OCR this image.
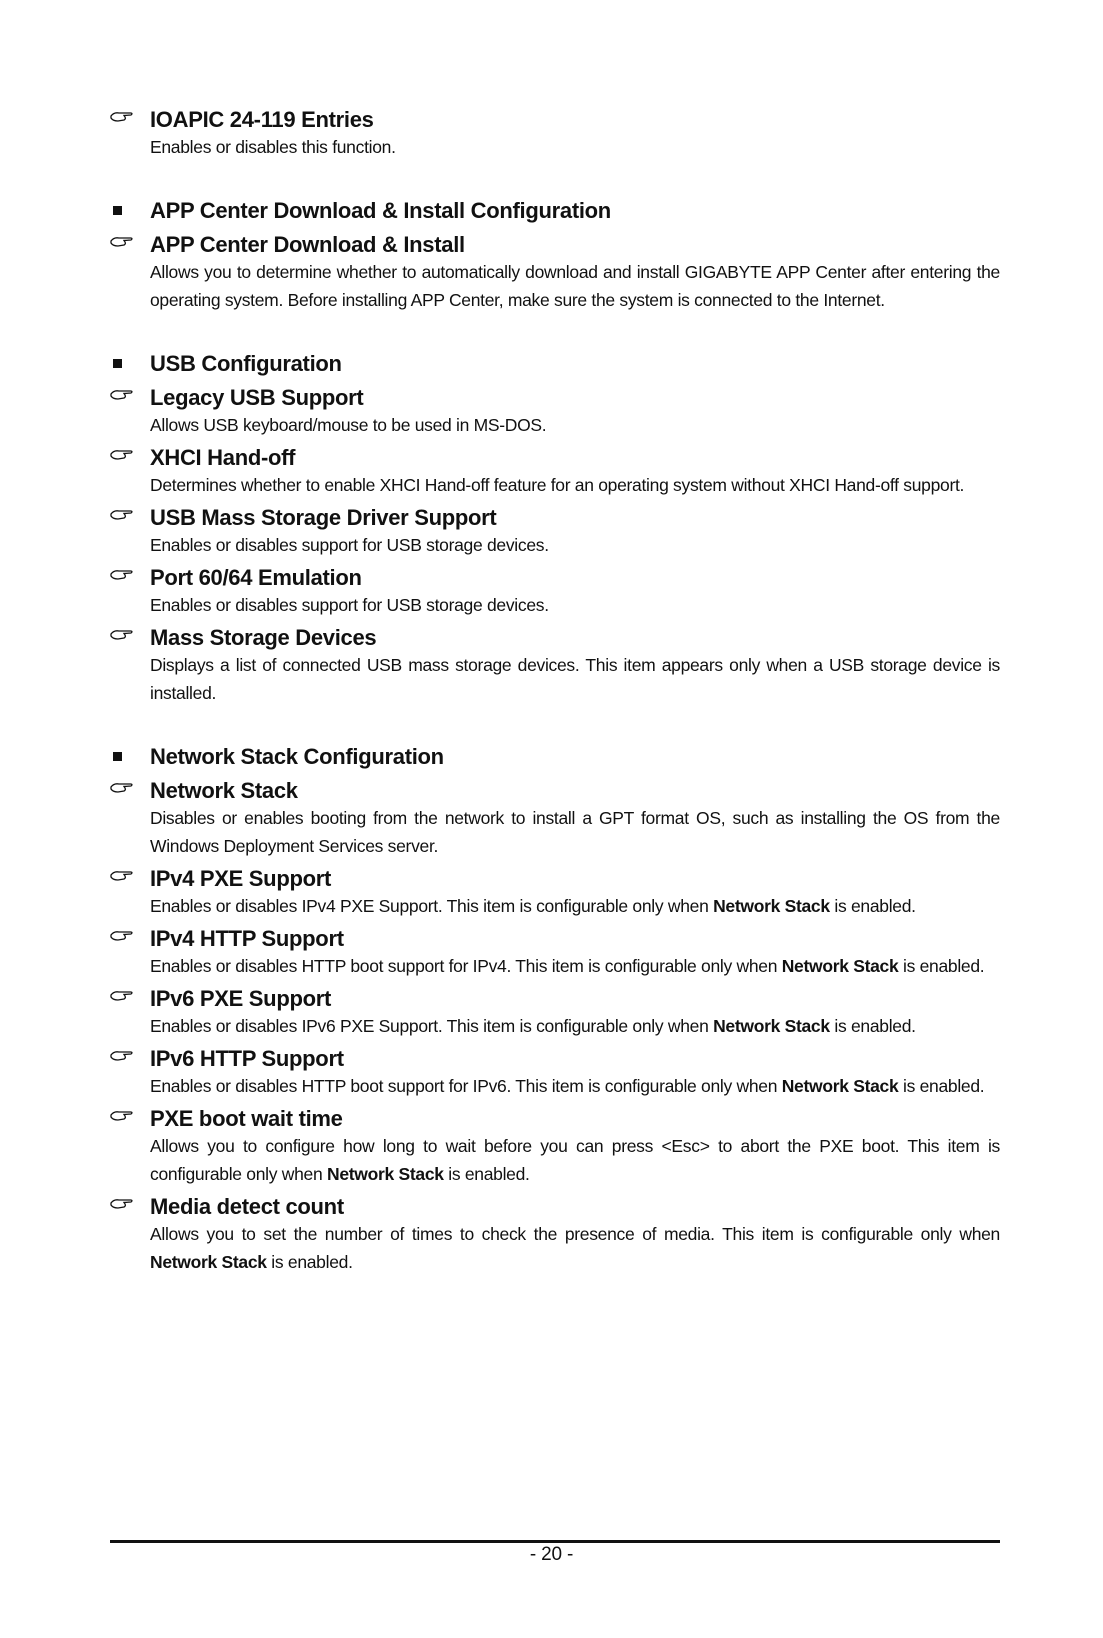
IOAPIC 24-119 Entries
Enables or disables this function.
APP Center Download & Install Configuration
APP Center Download & Install
Allows you to determine whether to automatically download and install GIGABYTE APP Center after entering the operating system. Before installing APP Center, make sure the system is connected to the Internet.
USB Configuration
Legacy USB Support
Allows USB keyboard/mouse to be used in MS-DOS.
XHCI Hand-off
Determines whether to enable XHCI Hand-off feature for an operating system without XHCI Hand-off support.
USB Mass Storage Driver Support
Enables or disables support for USB storage devices.
Port 60/64 Emulation
Enables or disables support for USB storage devices.
Mass Storage Devices
Displays a list of connected USB mass storage devices. This item appears only when a USB storage device is installed.
Network Stack Configuration
Network Stack
Disables or enables booting from the network to install a GPT format OS, such as installing the OS from the Windows Deployment Services server.
IPv4 PXE Support
Enables or disables IPv4 PXE Support. This item is configurable only when Network Stack is enabled.
IPv4 HTTP Support
Enables or disables HTTP boot support for IPv4. This item is configurable only when Network Stack is enabled.
IPv6 PXE Support
Enables or disables IPv6 PXE Support. This item is configurable only when Network Stack is enabled.
IPv6 HTTP Support
Enables or disables HTTP boot support for IPv6. This item is configurable only when Network Stack is enabled.
PXE boot wait time
Allows you to configure how long to wait before you can press <Esc> to abort the PXE boot. This item is configurable only when Network Stack is enabled.
Media detect count
Allows you to set the number of times to check the presence of media. This item is configurable only when Network Stack is enabled.
- 20 -
